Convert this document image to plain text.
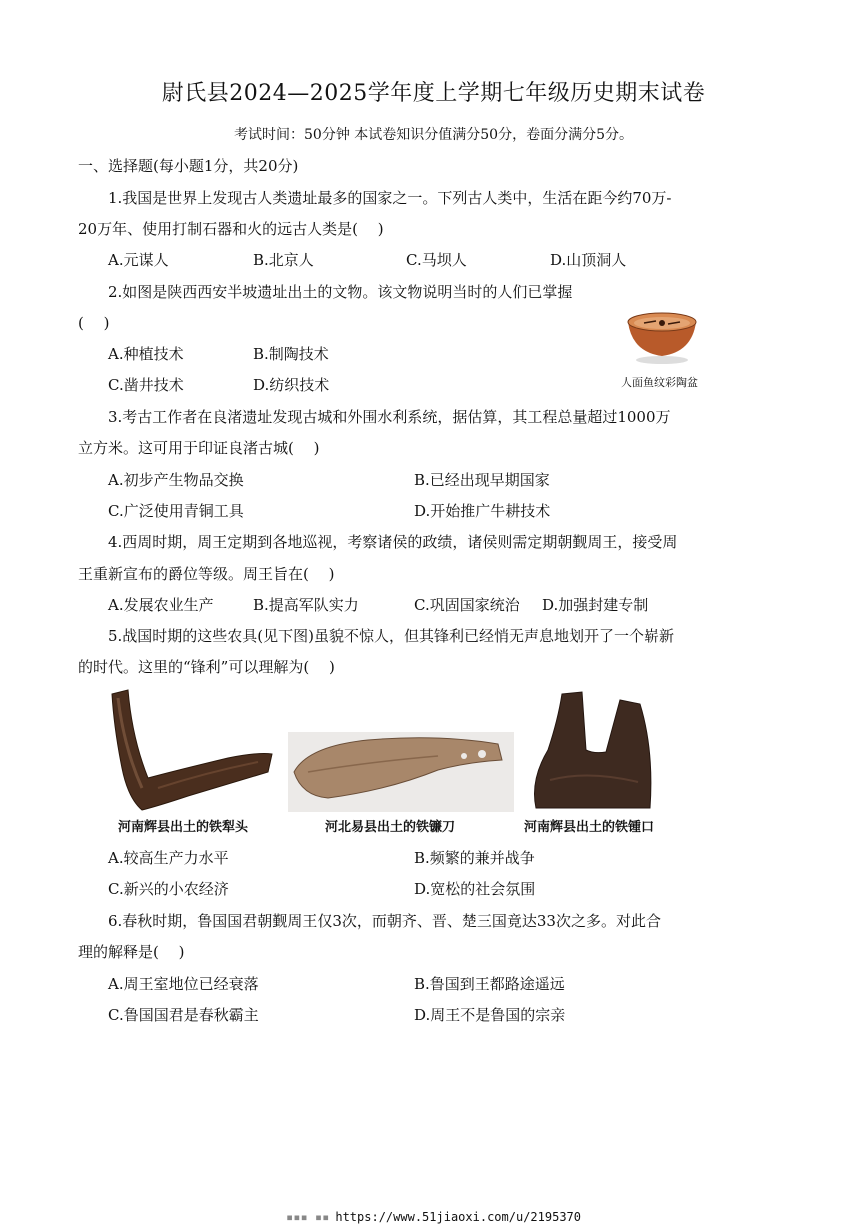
尉氏县2024—2025学年度上学期七年级历史期末试卷
考试时间：50分钟 本试卷知识分值满分50分，卷面分满分5分。
一、选择题(每小题1分，共20分)
1.我国是世界上发现古人类遗址最多的国家之一。下列古人类中，生活在距今约70万-
20万年、使用打制石器和火的远古人类是(　 )
A.元谋人	B.北京人	C.马坝人	D.山顶洞人
2.如图是陕西西安半坡遗址出土的文物。该文物说明当时的人们已掌握
(　 )
A.种植技术	B.制陶技术
C.凿井技术	D.纺织技术	人面鱼纹彩陶盆
3.考古工作者在良渚遗址发现古城和外围水利系统，据估算，其工程总量超过1000万
立方米。这可用于印证良渚古城(　 )
A.初步产生物品交换	B.已经出现早期国家
C.广泛使用青铜工具	D.开始推广牛耕技术
4.西周时期，周王定期到各地巡视，考察诸侯的政绩，诸侯则需定期朝觐周王，接受周
王重新宣布的爵位等级。周王旨在(　 )
A.发展农业生产	B.提高军队实力	C.巩固国家统治 D.加强封建专制
5.战国时期的这些农具(见下图)虽貌不惊人，但其锋利已经悄无声息地划开了一个崭新
的时代。这里的“锋利”可以理解为(　 )
河南辉县出土的铁犁头	河北易县出土的铁镰刀	河南辉县出土的铁锺口
A.较高生产力水平	B.频繁的兼并战争
C.新兴的小农经济	D.宽松的社会氛围
6.春秋时期，鲁国国君朝觐周王仅3次，而朝齐、晋、楚三国竟达33次之多。对此合
理的解释是(　 )
A.周王室地位已经衰落	B.鲁国到王都路途遥远
C.鲁国国君是春秋霸主	D.周王不是鲁国的宗亲
▪▪▪ ▪▪ https://www.51jiaoxi.com/u/2195370
